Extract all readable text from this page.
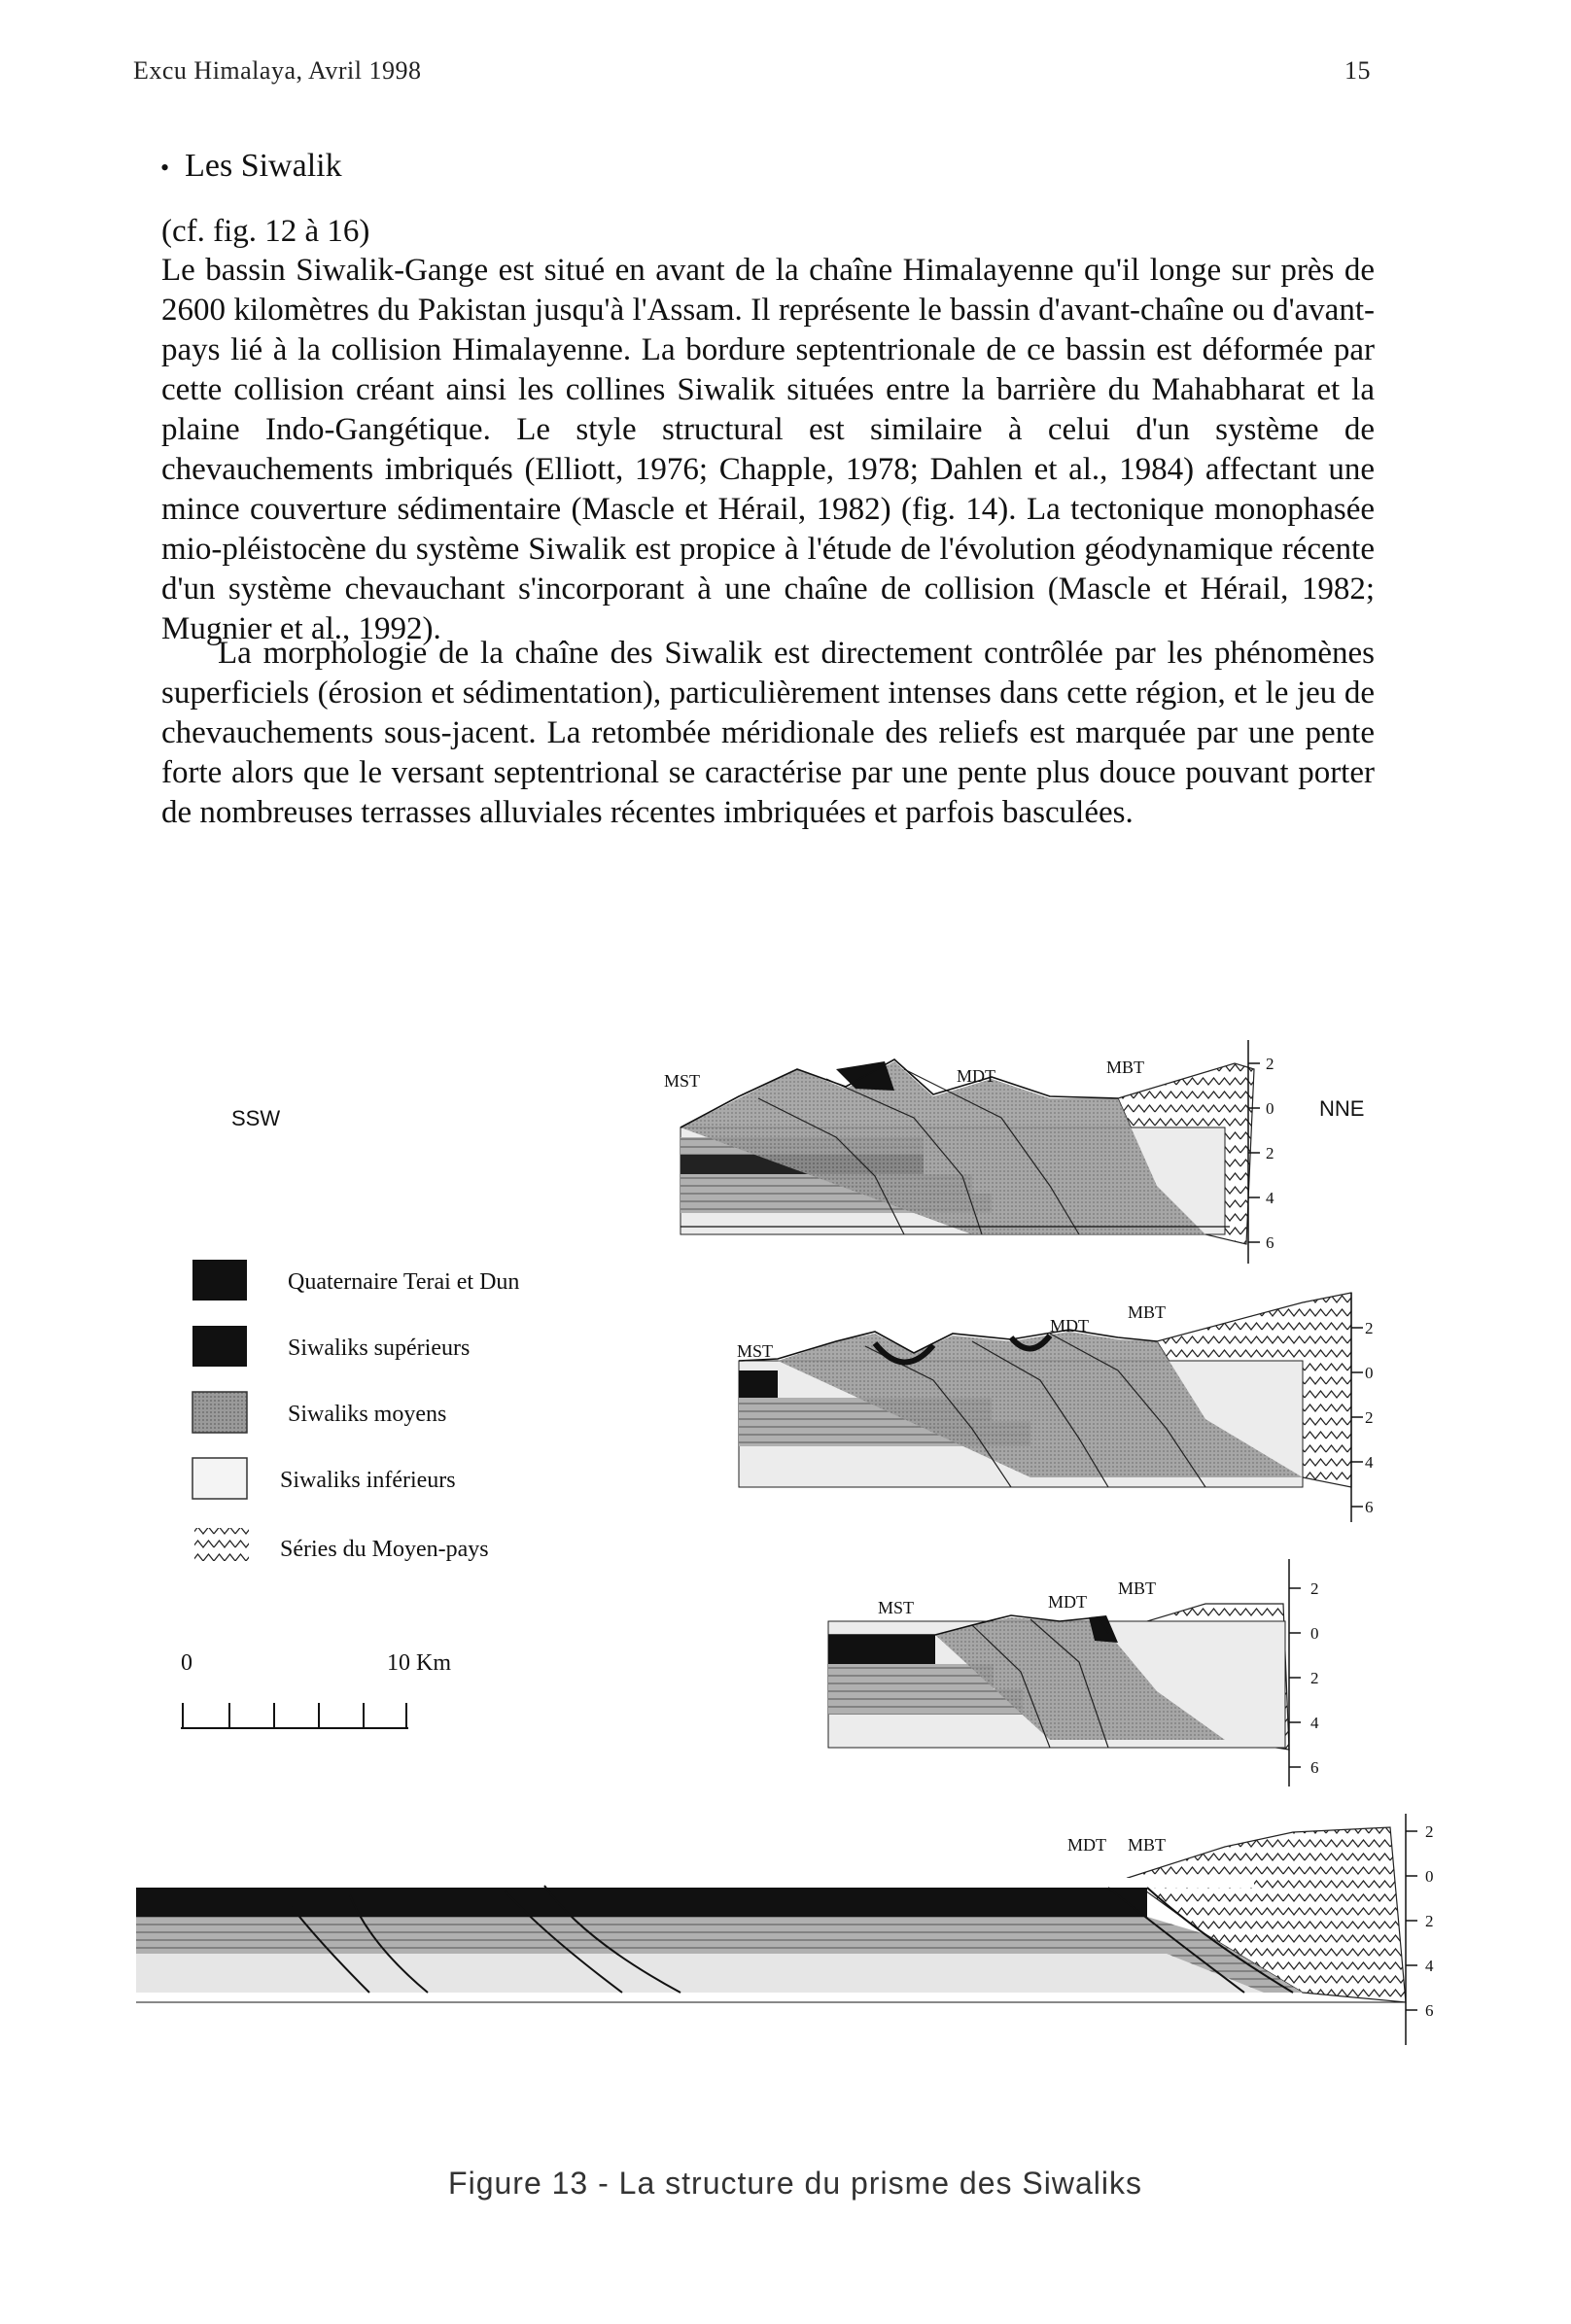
Excu Himalaya, Avril 1998	15
• Les Siwalik
(cf. fig. 12 à 16)

Le bassin Siwalik-Gange est situé en avant de la chaîne Himalayenne qu'il longe sur près de 2600 kilomètres du Pakistan jusqu'à l'Assam. Il représente le bassin d'avant-chaîne ou d'avant-pays lié à la collision Himalayenne. La bordure septentrionale de ce bassin est déformée par cette collision créant ainsi les collines Siwalik situées entre la barrière du Mahabharat et la plaine Indo-Gangétique. Le style structural est similaire à celui d'un système de chevauchements imbriqués (Elliott, 1976; Chapple, 1978; Dahlen et al., 1984) affectant une mince couverture sédimentaire (Mascle et Hérail, 1982) (fig. 14). La tectonique monophasée mio-pléistocène du système Siwalik est propice à l'étude de l'évolution géodynamique récente d'un système chevauchant s'incorporant à une chaîne de collision (Mascle et Hérail, 1982; Mugnier et al., 1992).

La morphologie de la chaîne des Siwalik est directement contrôlée par les phénomènes superficiels (érosion et sédimentation), particulièrement intenses dans cette région, et le jeu de chevauchements sous-jacent. La retombée méridionale des reliefs est marquée par une pente forte alors que le versant septentrional se caractérise par une pente plus douce pouvant porter de nombreuses terrasses alluviales récentes imbriquées et parfois basculées.

SSW	NNE
Quaternaire Terai et Dun
Siwaliks supérieurs
Siwaliks moyens
Siwaliks inférieurs
Séries du Moyen-pays
0	10 Km
MST	MDT	MBT	2
0
2
4
6
MST
MDT
MBT
2
0
2
4
6
MST	MDT
MBT	2
0
2
4
6
MDT MBT
2
0
2
4
6
Figure 13 - La structure du prisme des Siwaliks
